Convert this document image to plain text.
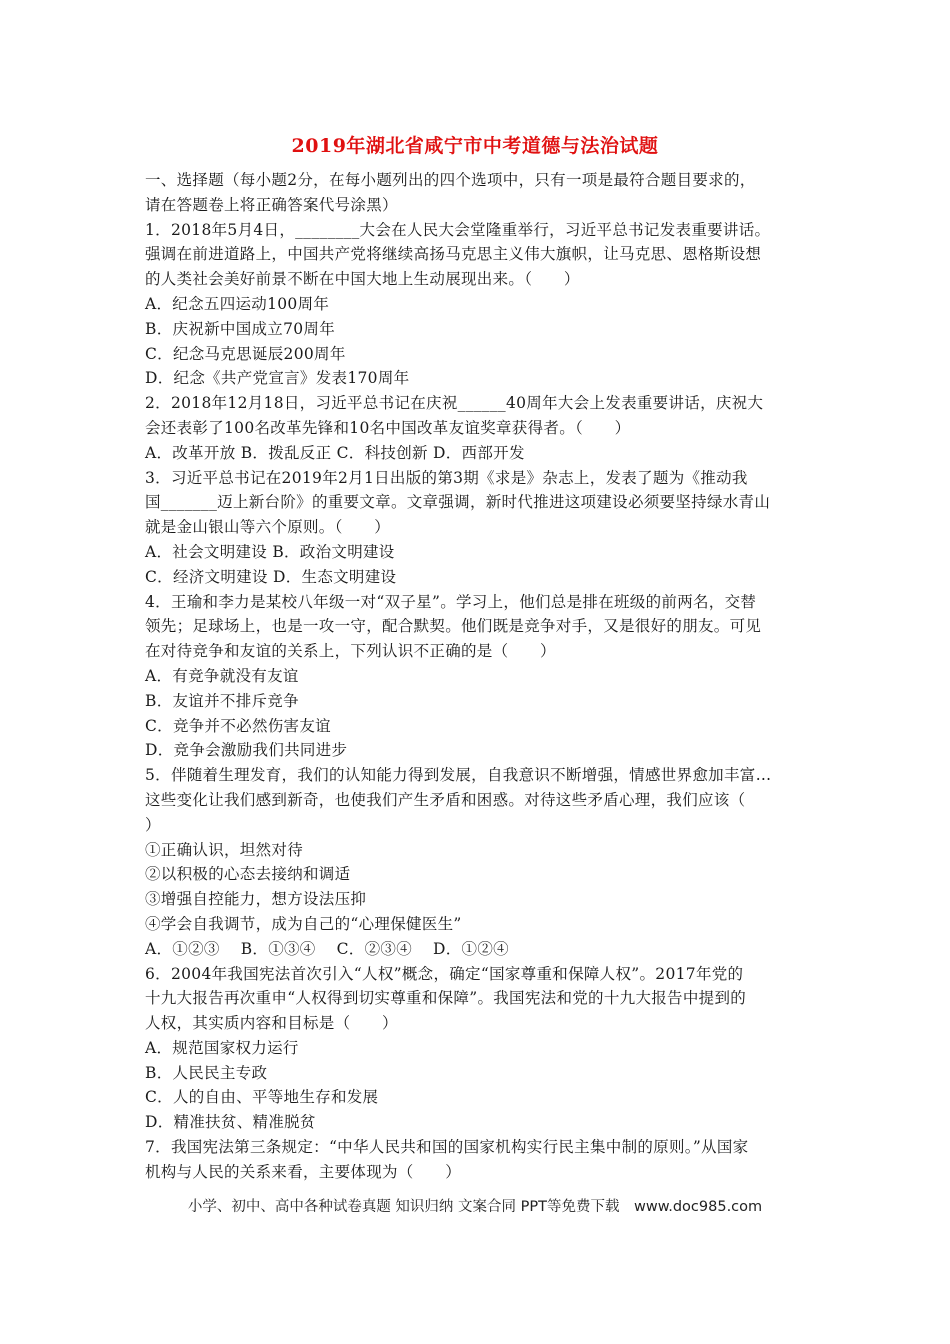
2019年湖北省咸宁市中考道德与法治试题
一、选择题（每小题2分，在每小题列出的四个选项中，只有一项是最符合题目要求的，
请在答题卷上将正确答案代号涂黑）
1．2018年5月4日，________大会在人民大会堂隆重举行，习近平总书记发表重要讲话。
强调在前进道路上，中国共产党将继续高扬马克思主义伟大旗帜，让马克思、恩格斯设想
的人类社会美好前景不断在中国大地上生动展现出来。（　　）
A．纪念五四运动100周年
B．庆祝新中国成立70周年
C．纪念马克思诞辰200周年
D．纪念《共产党宣言》发表170周年
2．2018年12月18日，习近平总书记在庆祝______40周年大会上发表重要讲话，庆祝大
会还表彰了100名改革先锋和10名中国改革友谊奖章获得者。（　　）
A．改革开放 B．拨乱反正 C．科技创新 D．西部开发
3．习近平总书记在2019年2月1日出版的第3期《求是》杂志上，发表了题为《推动我
国_______迈上新台阶》的重要文章。文章强调，新时代推进这项建设必须要坚持绿水青山
就是金山银山等六个原则。（　　）
A．社会文明建设 B．政治文明建设
C．经济文明建设 D．生态文明建设
4．王瑜和李力是某校八年级一对“双子星”。学习上，他们总是排在班级的前两名，交替
领先；足球场上，也是一攻一守，配合默契。他们既是竞争对手，又是很好的朋友。可见
在对待竞争和友谊的关系上，下列认识不正确的是（　　）
A．有竞争就没有友谊
B．友谊并不排斥竞争
C．竞争并不必然伤害友谊
D．竞争会激励我们共同进步
5．伴随着生理发育，我们的认知能力得到发展，自我意识不断增强，情感世界愈加丰富…
这些变化让我们感到新奇，也使我们产生矛盾和困惑。对待这些矛盾心理，我们应该（
）
①正确认识，坦然对待
②以积极的心态去接纳和调适
③增强自控能力，想方设法压抑
④学会自我调节，成为自己的“心理保健医生”
A．①②③　 B．①③④　 C．②③④　 D．①②④
6．2004年我国宪法首次引入“人权”概念，确定“国家尊重和保障人权”。2017年党的
十九大报告再次重申“人权得到切实尊重和保障”。我国宪法和党的十九大报告中提到的
人权，其实质内容和目标是（　　）
A．规范国家权力运行
B．人民民主专政
C．人的自由、平等地生存和发展
D．精准扶贫、精准脱贫
7．我国宪法第三条规定：“中华人民共和国的国家机构实行民主集中制的原则。”从国家
机构与人民的关系来看，主要体现为（　　）
小学、初中、高中各种试卷真题 知识归纳 文案合同 PPT等免费下载　www.doc985.com
